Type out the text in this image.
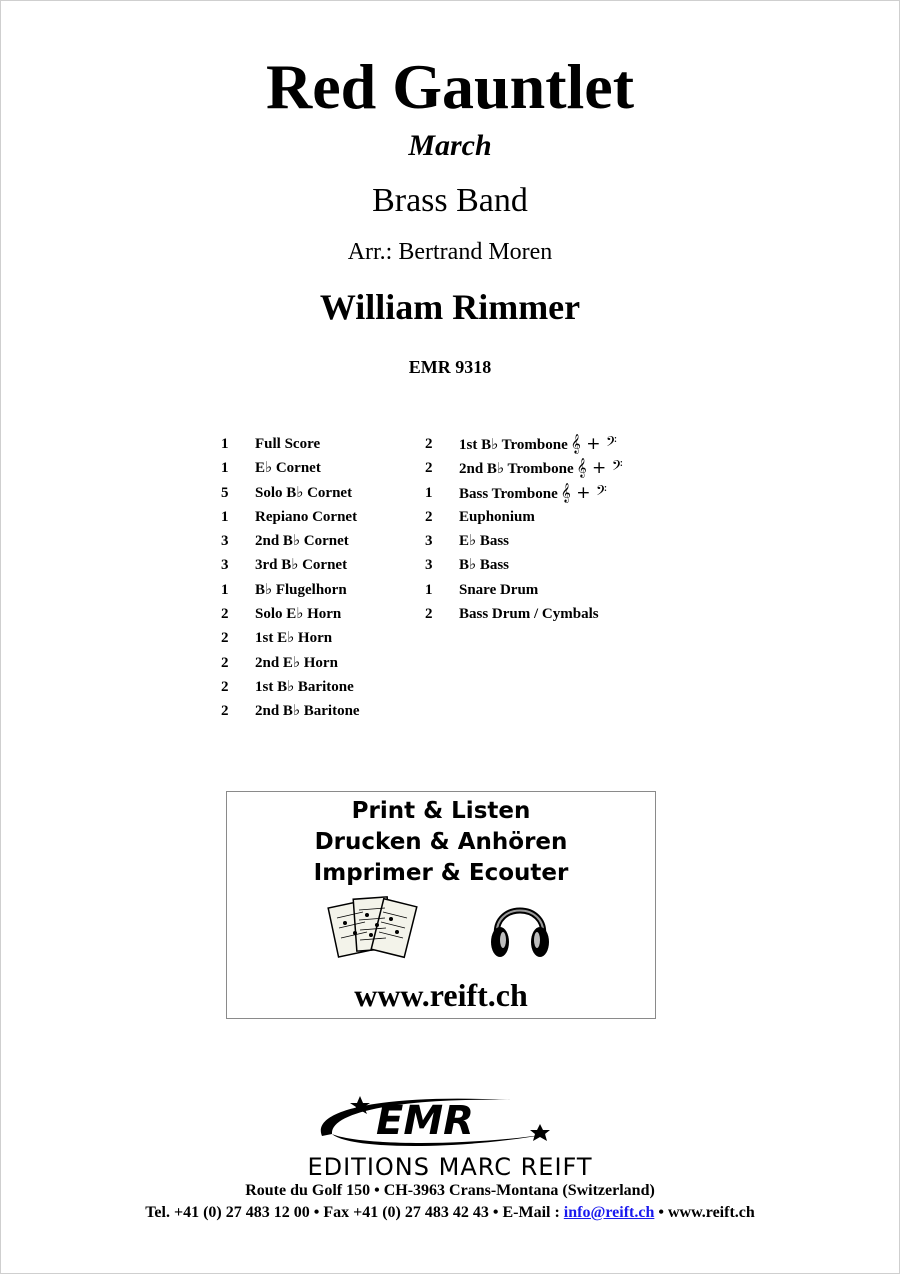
Red Gauntlet
March
Brass Band
Arr.: Bertrand Moren
William Rimmer
EMR 9318
1 Full Score
1 E♭ Cornet
5 Solo B♭ Cornet
1 Repiano Cornet
3 2nd B♭ Cornet
3 3rd B♭ Cornet
1 B♭ Flugelhorn
2 Solo E♭ Horn
2 1st E♭ Horn
2 2nd E♭ Horn
2 1st B♭ Baritone
2 2nd B♭ Baritone
2 1st B♭ Trombone 𝄞 + 𝄢
2 2nd B♭ Trombone 𝄞 + 𝄢
1 Bass Trombone 𝄞 + 𝄢
2 Euphonium
3 E♭ Bass
3 B♭ Bass
1 Snare Drum
2 Bass Drum / Cymbals
Print & Listen
Drucken & Anhören
Imprimer & Ecouter
www.reift.ch
EMR
EDITIONS MARC REIFT
Route du Golf 150 • CH-3963 Crans-Montana (Switzerland)
Tel. +41 (0) 27 483 12 00 • Fax +41 (0) 27 483 42 43 • E-Mail : info@reift.ch • www.reift.ch
